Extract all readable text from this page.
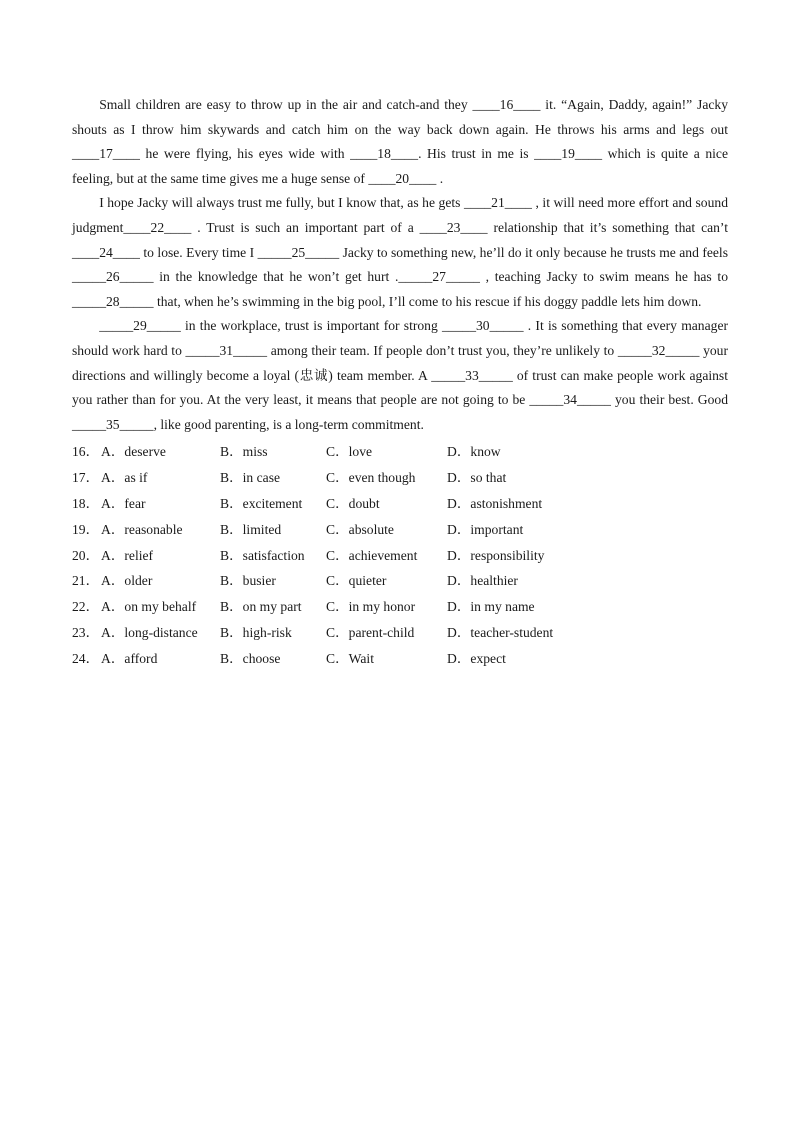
Small children are easy to throw up in the air and catch-and they ____16____ it. “Again, Daddy, again!” Jacky shouts as I throw him skywards and catch him on the way back down again. He throws his arms and legs out ____17____ he were flying, his eyes wide with ____18____. His trust in me is ____19____ which is quite a nice feeling, but at the same time gives me a huge sense of ____20____ .

I hope Jacky will always trust me fully, but I know that, as he gets ____21____ , it will need more effort and sound judgment____22____ . Trust is such an important part of a ____23____ relationship that it’s something that can’t ____24____ to lose. Every time I _____25_____ Jacky to something new, he’ll do it only because he trusts me and feels _____26_____ in the knowledge that he won’t get hurt ._____27_____ , teaching Jacky to swim means he has to _____28_____ that, when he’s swimming in the big pool, I’ll come to his rescue if his doggy paddle lets him down.

_____29_____ in the workplace, trust is important for strong _____30_____ . It is something that every manager should work hard to _____31_____ among their team. If people don’t trust you, they’re unlikely to _____32_____ your directions and willingly become a loyal (忠诚) team member. A _____33_____ of trust can make people work against you rather than for you. At the very least, it means that people are not going to be _____34_____ you their best. Good _____35_____, like good parenting, is a long-term commitment.

16． A．deserve	B．miss	C．love	D．know
17． A．as if	B．in case	C．even though D．so that
18． A．fear	B．excitement C．doubt	D．astonishment
19． A．reasonable	B．limited	C．absolute	D．important
20． A．relief	B．satisfaction C．achievement D．responsibility
21． A．older	B．busier	C．quieter	D．healthier
22． A．on my behalf B．on my part C．in my honor D．in my name
23． A．long-distance B．high-risk	C．parent-child D．teacher-student
24． A．afford	B．choose	C．Wait	D．expect
